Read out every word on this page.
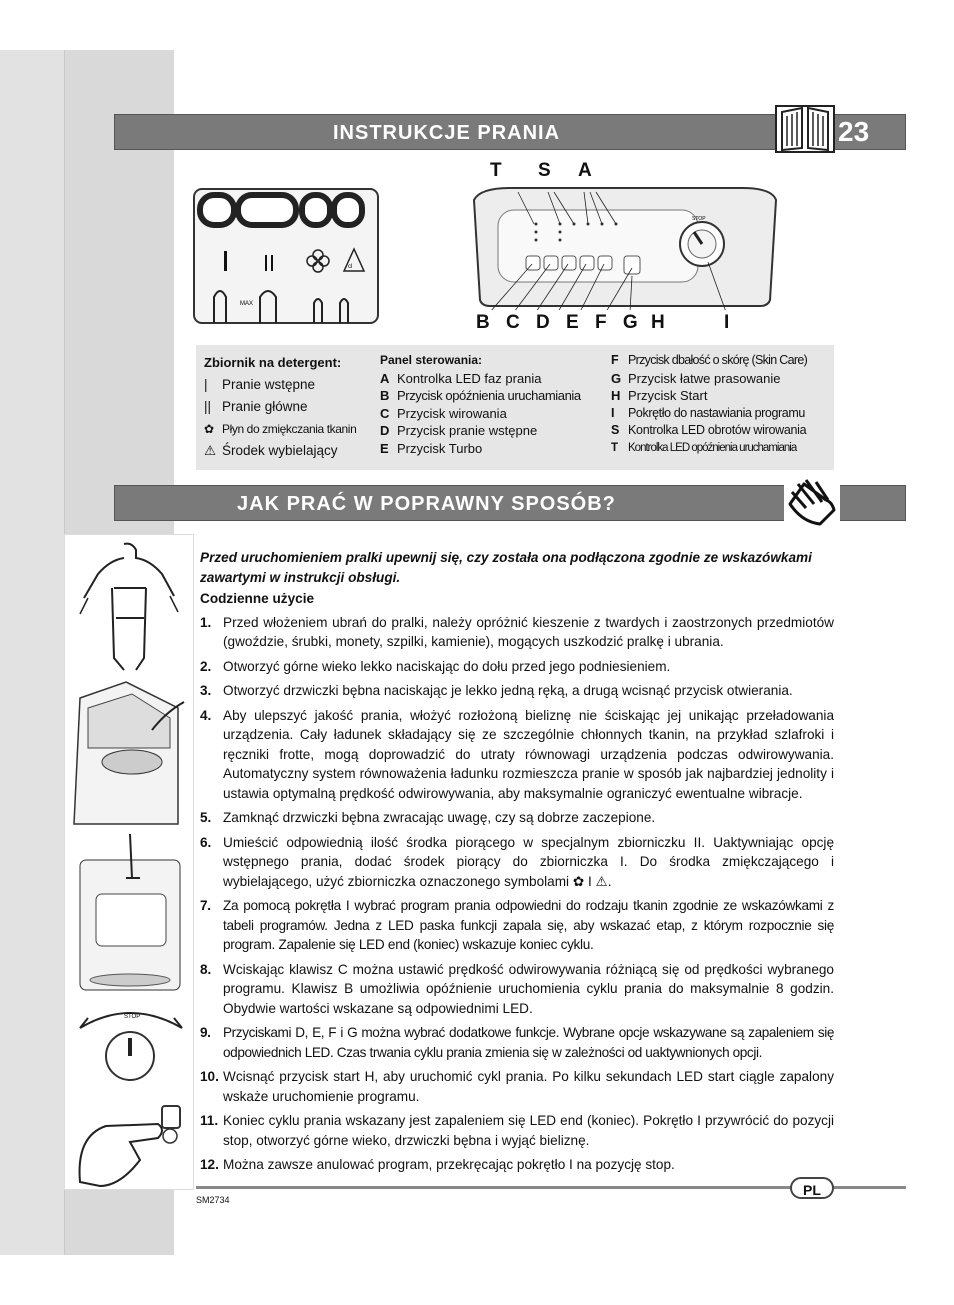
INSTRUKCJE PRANIA	23
cl
MAX
STOP
T S A
B C D E F G H	I
Zbiornik na detergent:
| Pranie wstępne
|| Pranie główne
✿ Płyn do zmiękczania tkanin
⚠ Środek wybielający
Panel sterowania:
A Kontrolka LED faz prania
B Przycisk opóźnienia uruchamiania
C Przycisk wirowania
D Przycisk pranie wstępne
E Przycisk Turbo
F Przycisk dbałość o skórę (Skin Care)
G Przycisk łatwe prasowanie
H Przycisk Start
I Pokrętło do nastawiania programu
S Kontrolka LED obrotów wirowania
T Kontrolka LED opóźnienia uruchamiania
JAK PRAĆ W POPRAWNY SPOSÓB?
STOP

Przed uruchomieniem pralki upewnij się, czy została ona podłączona zgodnie ze wskazówkami zawartymi w instrukcji obsługi.

Codzienne użycie

1. Przed włożeniem ubrań do pralki, należy opróżnić kieszenie z twardych i zaostrzonych przedmiotów (gwoździe, śrubki, monety, szpilki, kamienie), mogących uszkodzić pralkę i ubrania.
2. Otworzyć górne wieko lekko naciskając do dołu przed jego podniesieniem.
3. Otworzyć drzwiczki bębna naciskając je lekko jedną ręką, a drugą wcisnąć przycisk otwierania.
4. Aby ulepszyć jakość prania, włożyć rozłożoną bieliznę nie ściskając jej unikając przeładowania urządzenia. Cały ładunek składający się ze szczególnie chłonnych tkanin, na przykład szlafroki i ręczniki frotte, mogą doprowadzić do utraty równowagi urządzenia podczas odwirowywania. Automatyczny system równoważenia ładunku rozmieszcza pranie w sposób jak najbardziej jednolity i ustawia optymalną prędkość odwirowywania, aby maksymalnie ograniczyć ewentualne wibracje.
5. Zamknąć drzwiczki bębna zwracając uwagę, czy są dobrze zaczepione.
6. Umieścić odpowiednią ilość środka piorącego w specjalnym zbiorniczku II. Uaktywniając opcję wstępnego prania, dodać środek piorący do zbiorniczka I. Do środka zmiękczającego i wybielającego, użyć zbiorniczka oznaczonego symbolami ✿ I ⚠.
7. Za pomocą pokrętła I wybrać program prania odpowiedni do rodzaju tkanin zgodnie ze wskazówkami z tabeli programów. Jedna z LED paska funkcji zapala się, aby wskazać etap, z którym rozpocznie się program. Zapalenie się LED end (koniec) wskazuje koniec cyklu.
8. Wciskając klawisz C można ustawić prędkość odwirowywania różniącą się od prędkości wybranego programu. Klawisz B umożliwia opóźnienie uruchomienia cyklu prania do maksymalnie 8 godzin. Obydwie wartości wskazane są odpowiednimi LED.
9. Przyciskami D, E, F i G można wybrać dodatkowe funkcje. Wybrane opcje wskazywane są zapaleniem się odpowiednich LED. Czas trwania cyklu prania zmienia się w zależności od uaktywnionych opcji.
10. Wcisnąć przycisk start H, aby uruchomić cykl prania. Po kilku sekundach LED start ciągle zapalony wskaże uruchomienie programu.
11. Koniec cyklu prania wskazany jest zapaleniem się LED end (koniec). Pokrętło I przywrócić do pozycji stop, otworzyć górne wieko, drzwiczki bębna i wyjąć bieliznę.
12. Można zawsze anulować program, przekręcając pokrętło I na pozycję stop.
PL
SM2734
